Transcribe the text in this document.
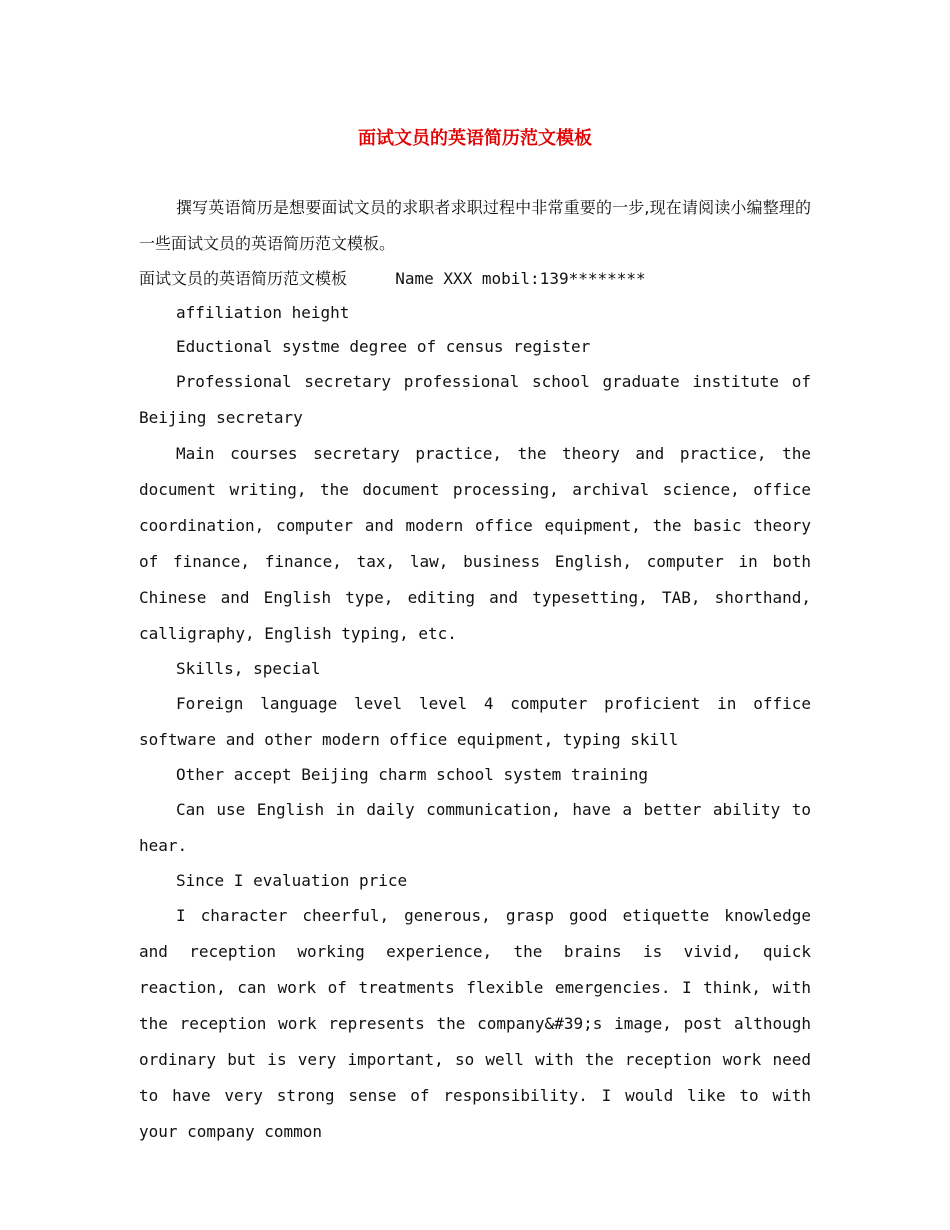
面试文员的英语简历范文模板

撰写英语简历是想要面试文员的求职者求职过程中非常重要的一步,现在请阅读小编整理的一些面试文员的英语简历范文模板。

面试文员的英语简历范文模板	Name XXX mobil:139********

affiliation height

Eductional systme degree of census register

Professional secretary professional school graduate institute of Beijing secretary

Main courses secretary practice, the theory and practice, the document writing, the document processing, archival science, office coordination, computer and modern office equipment, the basic theory of finance, finance, tax, law, business English, computer in both Chinese and English type, editing and typesetting, TAB, shorthand, calligraphy, English typing, etc.

Skills, special

Foreign language level level 4 computer proficient in office software and other modern office equipment, typing skill

Other accept Beijing charm school system training

Can use English in daily communication, have a better ability to hear.

Since I evaluation price

I character cheerful, generous, grasp good etiquette knowledge and reception working experience, the brains is vivid, quick reaction, can work of treatments flexible emergencies. I think, with the reception work represents the company&#39;s image, post although ordinary but is very important, so well with the reception work need to have very strong sense of responsibility. I would like to with your company common
